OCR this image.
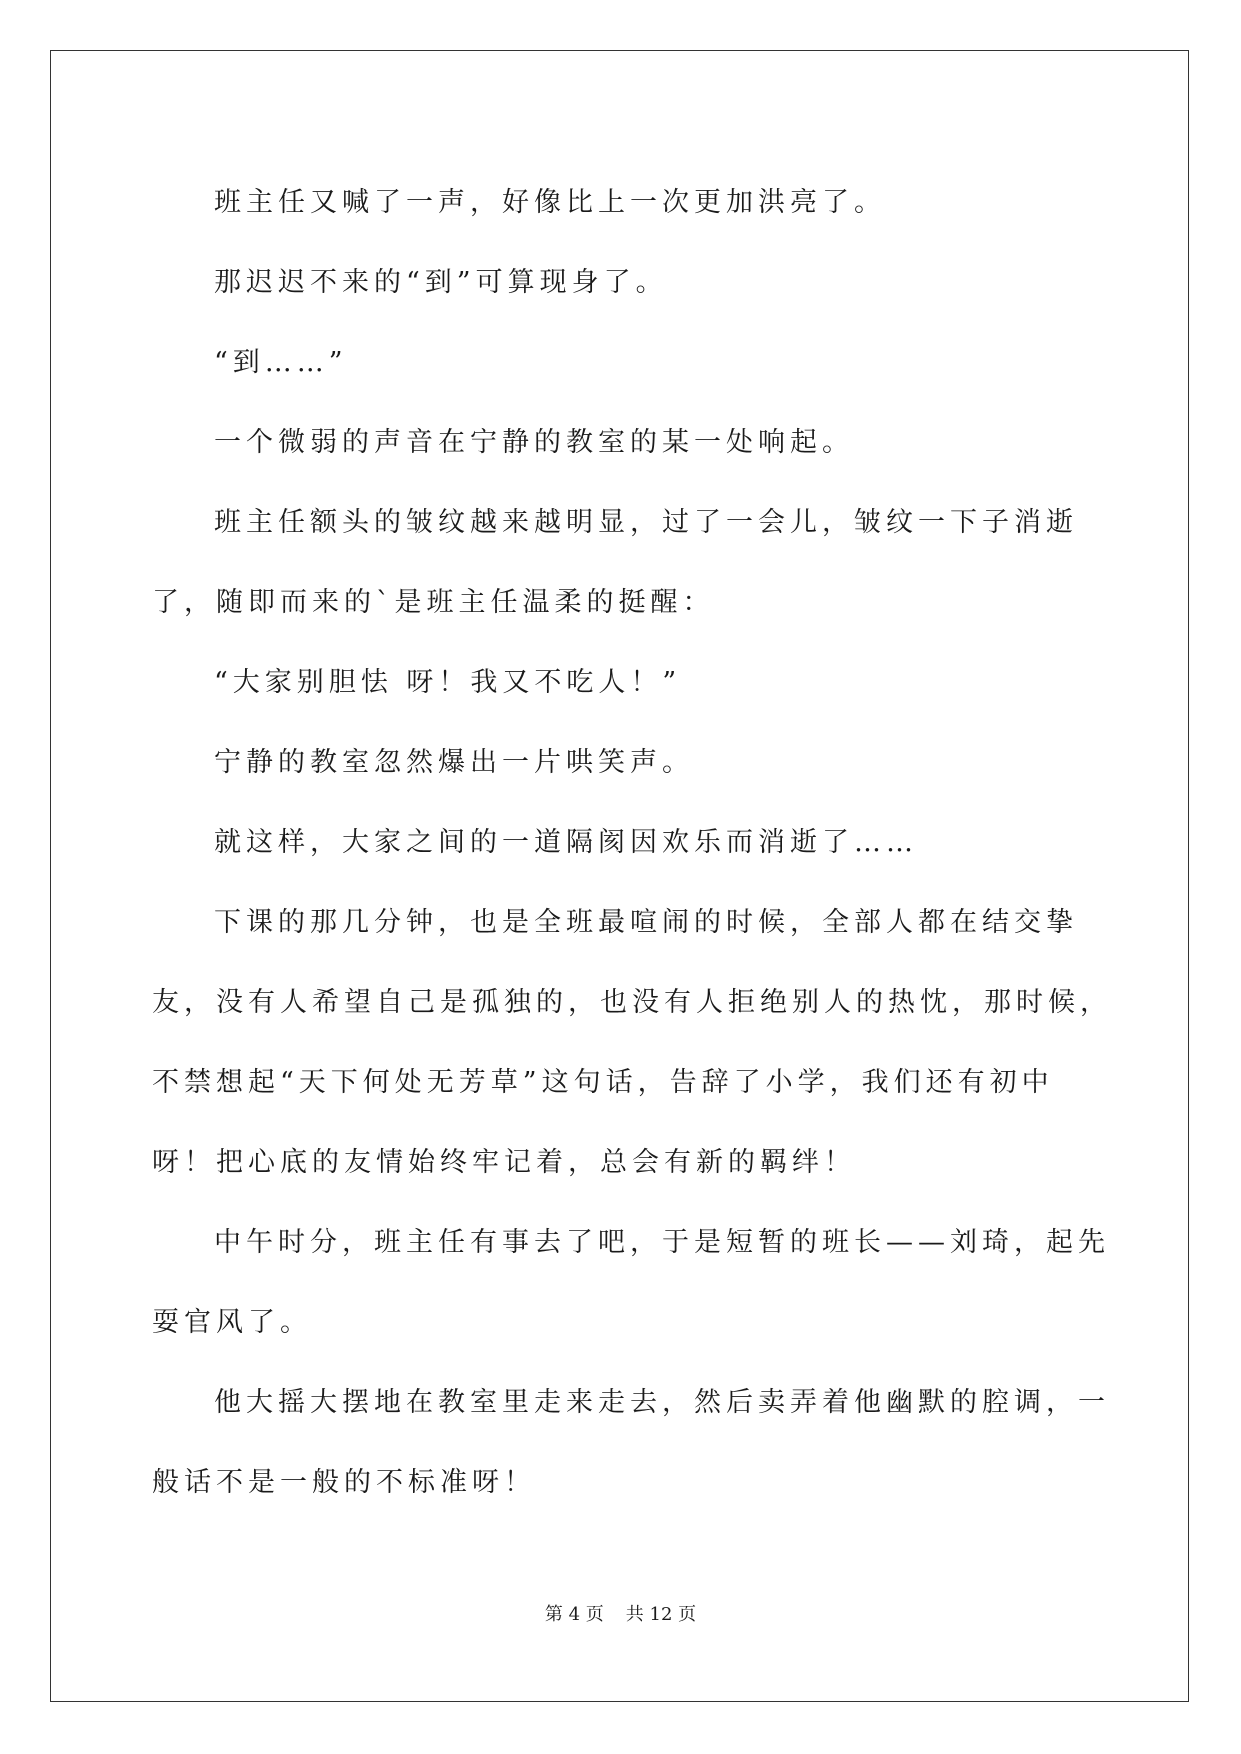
班主任又喊了一声，好像比上一次更加洪亮了。

那迟迟不来的“到”可算现身了。

“到……”

一个微弱的声音在宁静的教室的某一处响起。

班主任额头的皱纹越来越明显，过了一会儿，皱纹一下子消逝了，随即而来的`是班主任温柔的挺醒：

“大家别胆怯 呀！我又不吃人！”

宁静的教室忽然爆出一片哄笑声。

就这样，大家之间的一道隔阂因欢乐而消逝了……

下课的那几分钟，也是全班最喧闹的时候，全部人都在结交挚友，没有人希望自己是孤独的，也没有人拒绝别人的热忱，那时候，不禁想起“天下何处无芳草”这句话，告辞了小学，我们还有初中呀！把心底的友情始终牢记着，总会有新的羁绊！

中午时分，班主任有事去了吧，于是短暂的班长——刘琦，起先耍官风了。

他大摇大摆地在教室里走来走去，然后卖弄着他幽默的腔调，一般话不是一般的不标准呀！

第 4 页 共 12 页
